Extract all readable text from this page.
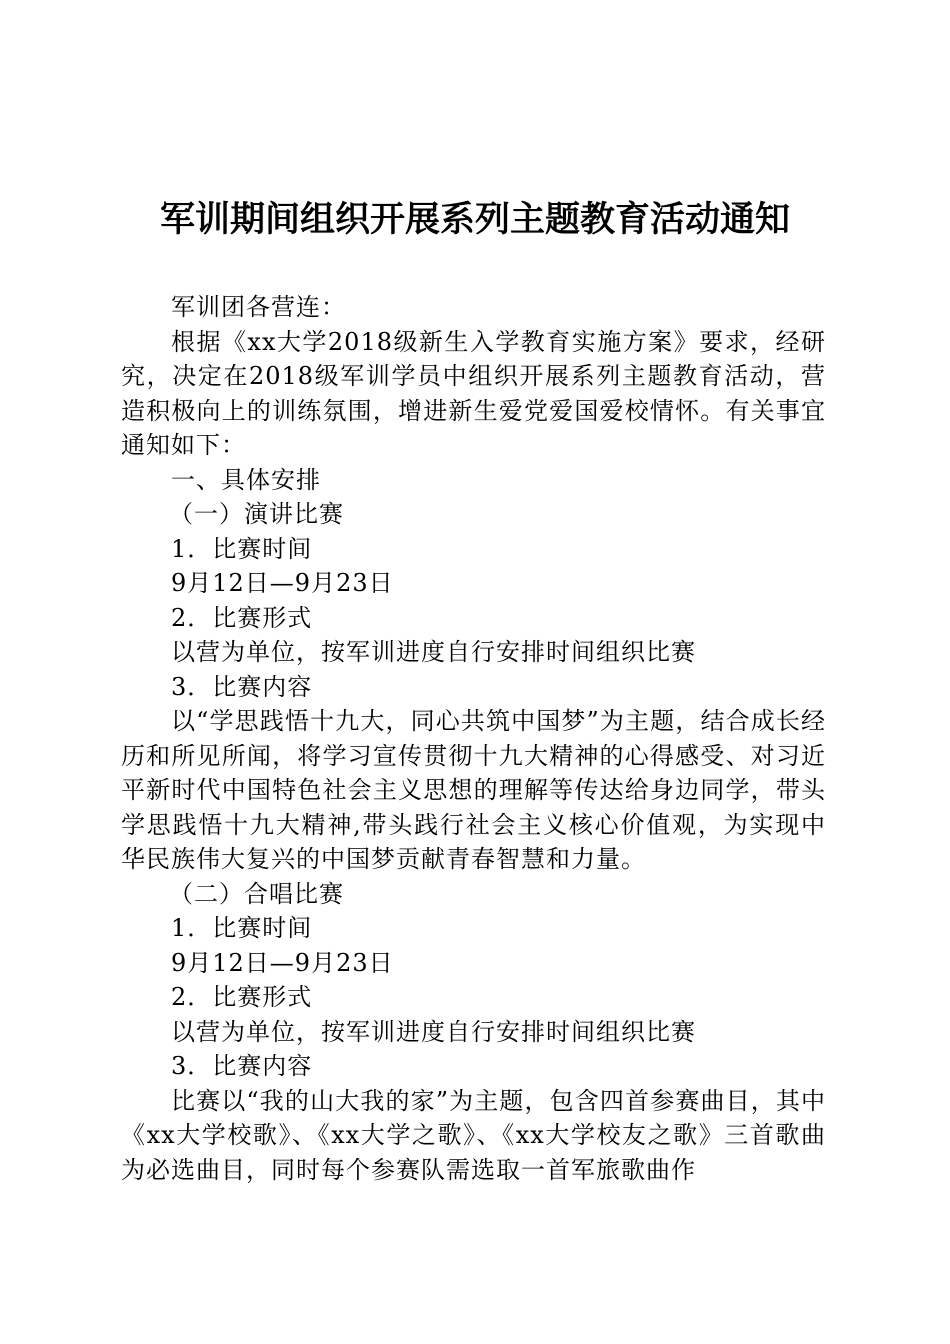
军训期间组织开展系列主题教育活动通知

军训团各营连：

根据《xx大学2018级新生入学教育实施方案》要求，经研究，决定在2018级军训学员中组织开展系列主题教育活动，营造积极向上的训练氛围，增进新生爱党爱国爱校情怀。有关事宜通知如下：

一、具体安排

（一）演讲比赛

1．比赛时间

9月12日—9月23日

2．比赛形式

以营为单位，按军训进度自行安排时间组织比赛

3．比赛内容

以“学思践悟十九大，同心共筑中国梦”为主题，结合成长经历和所见所闻，将学习宣传贯彻十九大精神的心得感受、对习近平新时代中国特色社会主义思想的理解等传达给身边同学，带头学思践悟十九大精神,带头践行社会主义核心价值观，为实现中华民族伟大复兴的中国梦贡献青春智慧和力量。

（二）合唱比赛

1．比赛时间

9月12日—9月23日

2．比赛形式

以营为单位，按军训进度自行安排时间组织比赛

3．比赛内容

比赛以“我的山大我的家”为主题，包含四首参赛曲目，其中《xx大学校歌》、《xx大学之歌》、《xx大学校友之歌》三首歌曲为必选曲目，同时每个参赛队需选取一首军旅歌曲作
